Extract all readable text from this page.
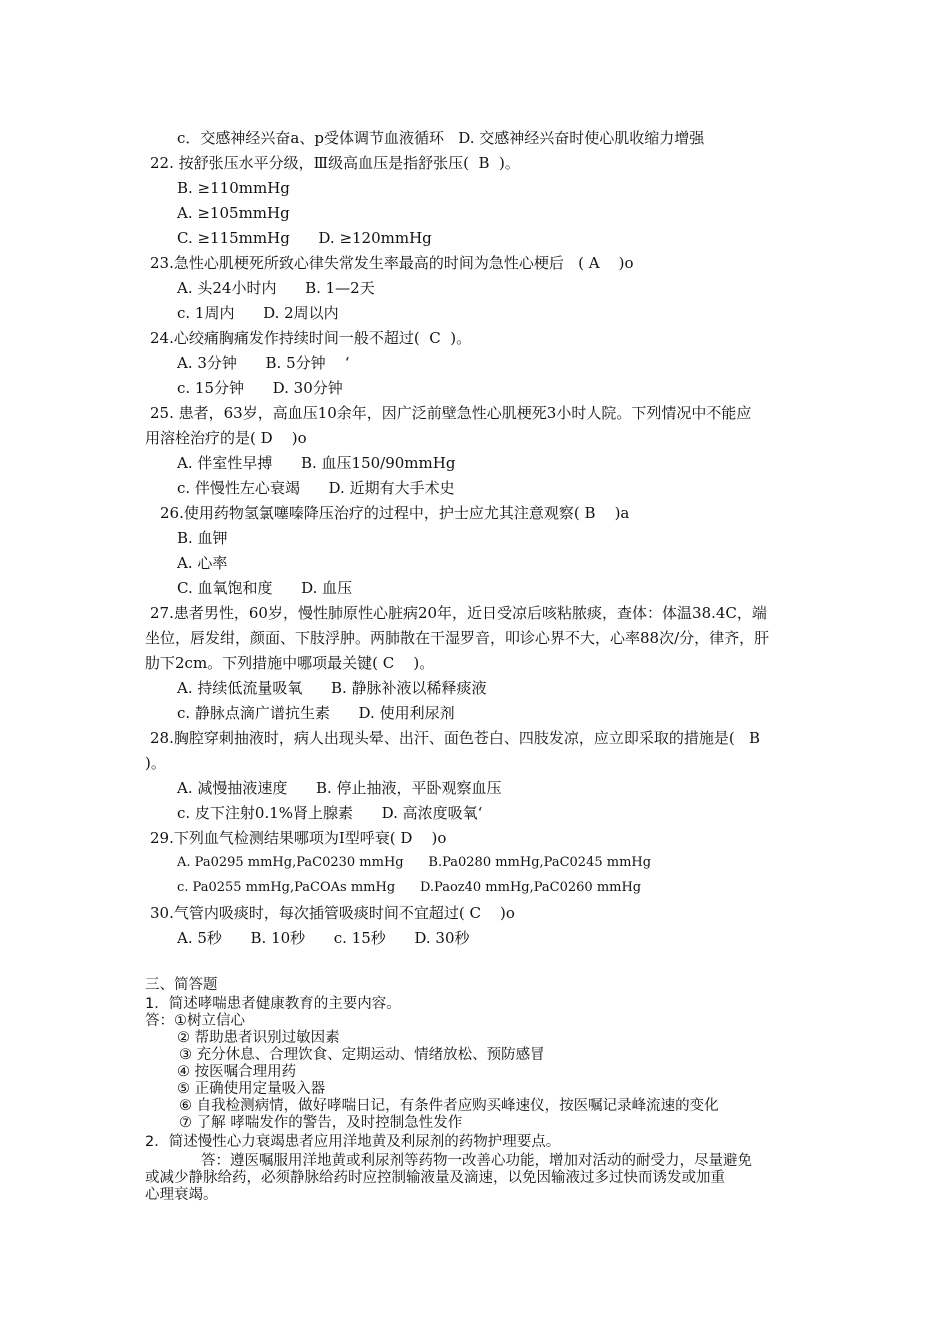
c．交感神经兴奋a、p受体调节血液循环   D. 交感神经兴奋时使心肌收缩力增强
22. 按舒张压水平分级，Ⅲ级高血压是指舒张压(  B  )。
B. ≥110mmHg
A. ≥105mmHg
C. ≥115mmHg      D. ≥120mmHg
23.急性心肌梗死所致心律失常发生率最高的时间为急性心梗后   ( A    )o
A. 头24小时内      B. 1—2天
c. 1周内      D. 2周以内
24.心绞痛胸痛发作持续时间一般不超过(  C  )。
A. 3分钟      B. 5分钟    ‘
c. 15分钟      D. 30分钟
25. 患者，63岁，高血压10余年，因广泛前壁急性心肌梗死3小时人院。下列情况中不能应
用溶栓治疗的是( D    )o
A. 伴室性早搏      B. 血压150/90mmHg
c. 伴慢性左心衰竭      D. 近期有大手术史
26.使用药物氢氯噻嗪降压治疗的过程中，护士应尤其注意观察( B    )a
B. 血钾
A. 心率
C. 血氧饱和度      D. 血压
27.患者男性，60岁，慢性肺原性心脏病20年，近日受凉后咳粘脓痰，查体：体温38.4C，端
坐位，唇发绀，颜面、下肢浮肿。两肺散在干湿罗音，叩诊心界不大，心率88次/分，律齐，肝
肋下2cm。下列措施中哪项最关键( C    )。
A. 持续低流量吸氧      B. 静脉补液以稀释痰液
c. 静脉点滴广谱抗生素      D. 使用利尿剂
28.胸腔穿刺抽液时，病人出现头晕、出汗、面色苍白、四肢发凉，应立即采取的措施是(   B
)。
A. 减慢抽液速度      B. 停止抽液，平卧观察血压
c. 皮下注射0.1%肾上腺素      D. 高浓度吸氧‘
29.下列血气检测结果哪项为Ⅰ型呼衰( D    )o
A. Pa0295 mmHg,PaC0230 mmHg      B.Pa0280 mmHg,PaC0245 mmHg
c. Pa0255 mmHg,PaCOAs mmHg      D.Paoz40 mmHg,PaC0260 mmHg
30.气管内吸痰时，每次插管吸痰时间不宜超过( C    )o
A. 5秒      B. 10秒      c. 15秒      D. 30秒
三、简答题
1．简述哮喘患者健康教育的主要内容。
答：①树立信心
② 帮助患者识别过敏因素
③ 充分休息、合理饮食、定期运动、情绪放松、预防感冒
④ 按医嘱合理用药
⑤ 正确使用定量吸入器
⑥ 自我检测病情，做好哮喘日记，有条件者应购买峰速仪，按医嘱记录峰流速的变化
⑦ 了解 哮喘发作的警告，及时控制急性发作
2．简述慢性心力衰竭患者应用洋地黄及利尿剂的药物护理要点。
答：遵医嘱服用洋地黄或利尿剂等药物一改善心功能，增加对活动的耐受力，尽量避免
或减少静脉给药，必须静脉给药时应控制输液量及滴速，以免因输液过多过快而诱发或加重
心理衰竭。
